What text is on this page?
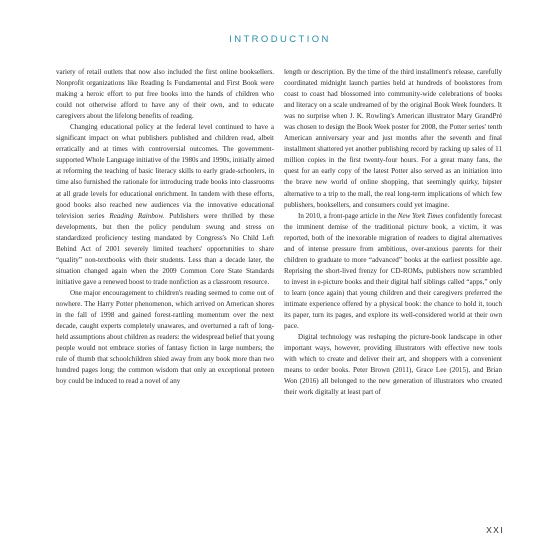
INTRODUCTION

variety of retail outlets that now also included the first online booksellers. Nonprofit organizations like Reading Is Fundamental and First Book were making a heroic effort to put free books into the hands of children who could not otherwise afford to have any of their own, and to educate caregivers about the lifelong benefits of reading.

Changing educational policy at the federal level continued to have a significant impact on what publishers published and children read, albeit erratically and at times with controversial outcomes. The government-supported Whole Language initiative of the 1980s and 1990s, initially aimed at reforming the teaching of basic literacy skills to early grade-schoolers, in time also furnished the rationale for introducing trade books into classrooms at all grade levels for educational enrichment. In tandem with these efforts, good books also reached new audiences via the innovative educational television series Reading Rainbow. Publishers were thrilled by these developments, but then the policy pendulum swung and stress on standardized proficiency testing mandated by Congress's No Child Left Behind Act of 2001 severely limited teachers' opportunities to share “quality” non-textbooks with their students. Less than a decade later, the situation changed again when the 2009 Common Core State Standards initiative gave a renewed boost to trade nonfiction as a classroom resource.

One major encouragement to children's reading seemed to come out of nowhere. The Harry Potter phenomenon, which arrived on American shores in the fall of 1998 and gained forest-rattling momentum over the next decade, caught experts completely unawares, and overturned a raft of long-held assumptions about children as readers: the widespread belief that young people would not embrace stories of fantasy fiction in large numbers; the rule of thumb that schoolchildren shied away from any book more than two hundred pages long; the common wisdom that only an exceptional preteen boy could be induced to read a novel of any

length or description. By the time of the third installment's release, carefully coordinated midnight launch parties held at hundreds of bookstores from coast to coast had blossomed into community-wide celebrations of books and literacy on a scale undreamed of by the original Book Week founders. It was no surprise when J. K. Rowling's American illustrator Mary GrandPré was chosen to design the Book Week poster for 2008, the Potter series' tenth American anniversary year and just months after the seventh and final installment shattered yet another publishing record by racking up sales of 11 million copies in the first twenty-four hours. For a great many fans, the quest for an early copy of the latest Potter also served as an initiation into the brave new world of online shopping, that seemingly quirky, hipster alternative to a trip to the mall, the real long-term implications of which few publishers, booksellers, and consumers could yet imagine.

In 2010, a front-page article in the New York Times confidently forecast the imminent demise of the traditional picture book, a victim, it was reported, both of the inexorable migration of readers to digital alternatives and of intense pressure from ambitious, over-anxious parents for their children to graduate to more “advanced” books at the earliest possible age. Reprising the short-lived frenzy for CD-ROMs, publishers now scrambled to invest in e-picture books and their digital half siblings called “apps,” only to learn (once again) that young children and their caregivers preferred the intimate experience offered by a physical book: the chance to hold it, touch its paper, turn its pages, and explore its well-considered world at their own pace.

Digital technology was reshaping the picture-book landscape in other important ways, however, providing illustrators with effective new tools with which to create and deliver their art, and shoppers with a convenient means to order books. Peter Brown (2011), Grace Lee (2015), and Brian Won (2016) all belonged to the new generation of illustrators who created their work digitally at least part of

XXI
